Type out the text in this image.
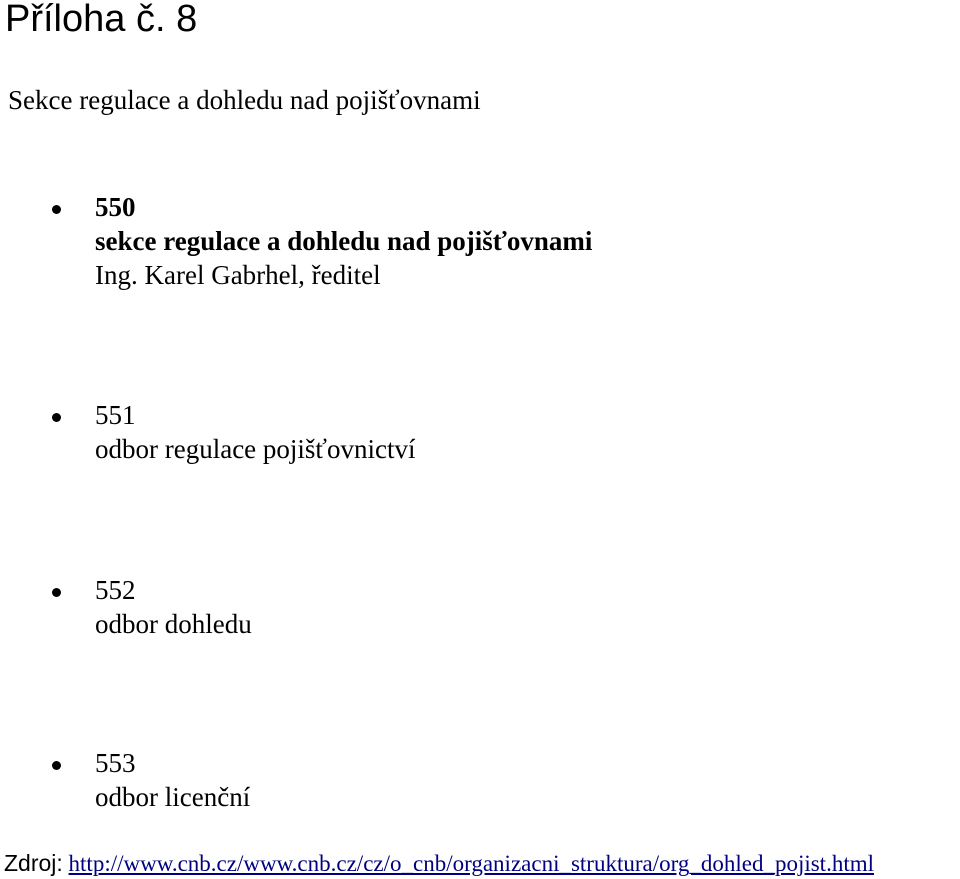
Příloha č. 8
Sekce regulace a dohledu nad pojišťovnami
550
sekce regulace a dohledu nad pojišťovnami
Ing. Karel Gabrhel, ředitel
551
odbor regulace pojišťovnictví
552
odbor dohledu
553
odbor licenční
Zdroj: http://www.cnb.cz/www.cnb.cz/cz/o_cnb/organizacni_struktura/org_dohled_pojist.html
